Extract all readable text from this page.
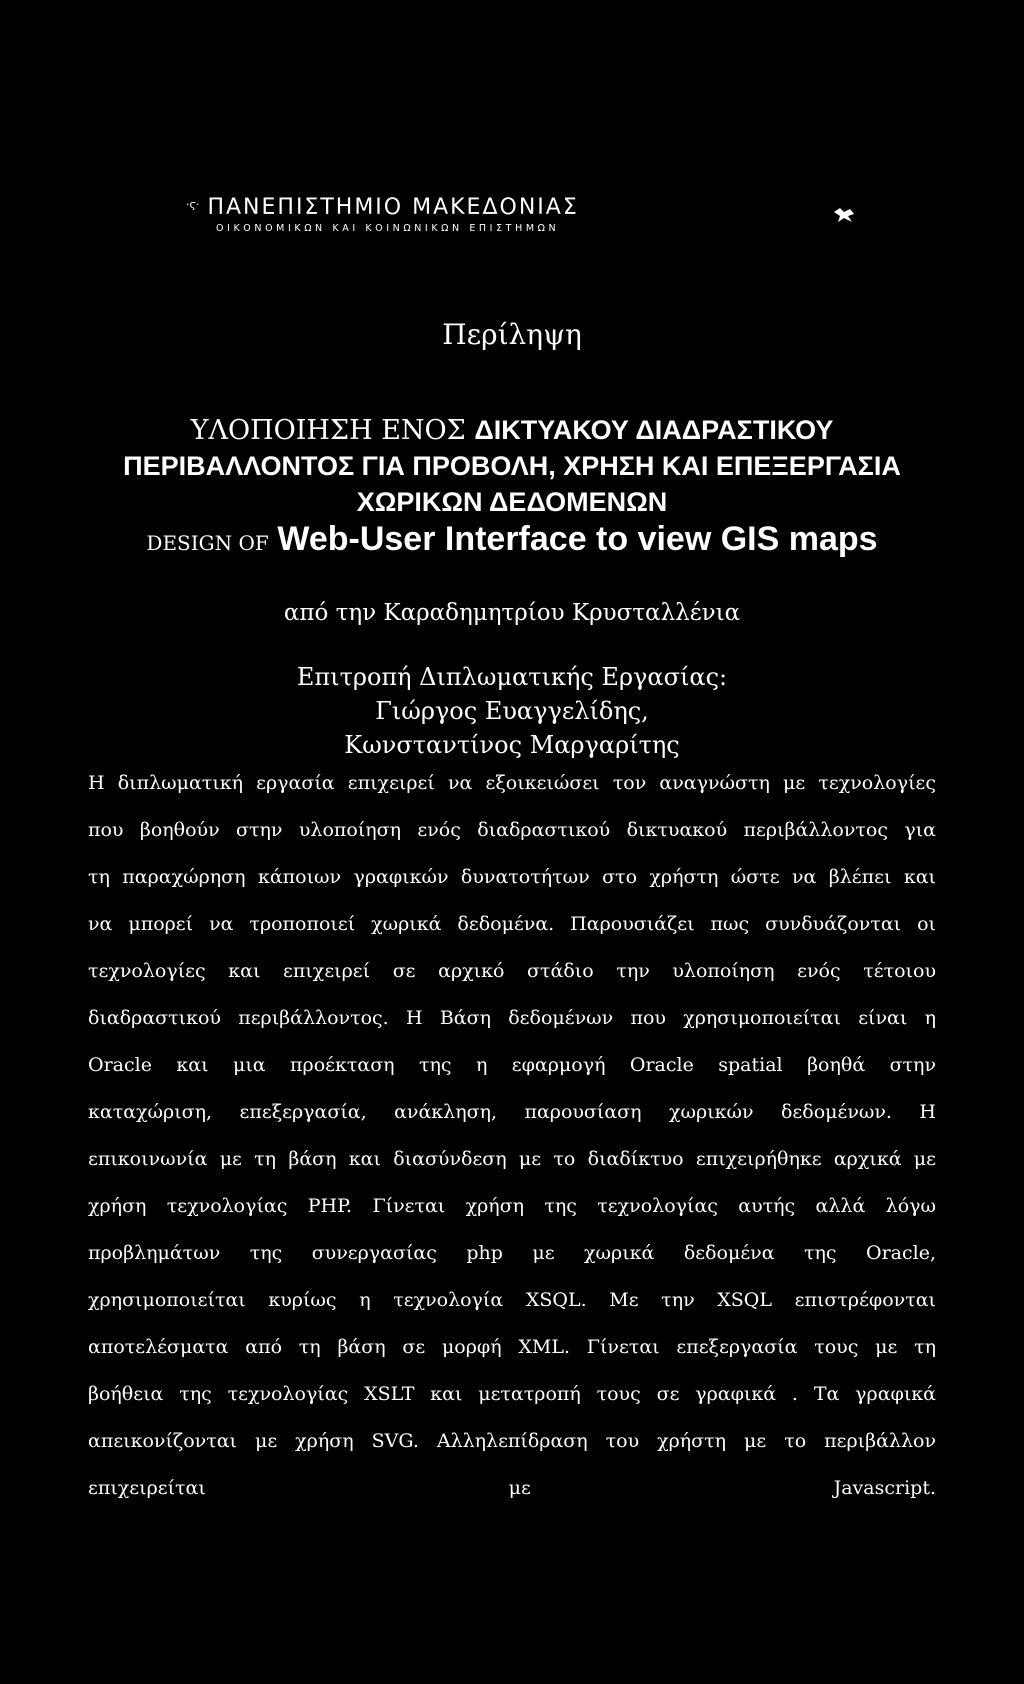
$^{\cdot ϛ\cdot}$ ΠΑΝΕΠΙΣΤΗΜΙΟ ΜΑΚΕΔΟΝΙΑΣ
ΟΙΚΟΝΟΜΙΚΩΝ ΚΑΙ ΚΟΙΝΩΝΙΚΩΝ ΕΠΙΣΤΗΜΩΝ
Περίληψη
ΥΛΟΠΟΙΗΣΗ ΕΝΟΣ ΔΙΚΤΥΑΚΟΥ ΔΙΑΔΡΑΣΤΙΚΟΥ
ΠΕΡΙΒΑΛΛΟΝΤΟΣ ΓΙΑ ΠΡΟΒΟΛΗ, ΧΡΗΣΗ ΚΑΙ ΕΠΕΞΕΡΓΑΣΙΑ
ΧΩΡΙΚΩΝ ΔΕΔΟΜΕΝΩΝ
DESIGN OF Web-User Interface to view GIS maps
από την Καραδημητρίου Κρυσταλλένια
Επιτροπή Διπλωματικής Εργασίας:
Γιώργος Ευαγγελίδης,
Κωνσταντίνος Μαργαρίτης

Η διπλωματική εργασία επιχειρεί να εξοικειώσει τον αναγνώστη με τεχνολογίες

που βοηθούν στην υλοποίηση ενός διαδραστικού δικτυακού περιβάλλοντος για

τη παραχώρηση κάποιων γραφικών δυνατοτήτων στο χρήστη ώστε να βλέπει και

να μπορεί να τροποποιεί χωρικά δεδομένα. Παρουσιάζει πως συνδυάζονται οι

τεχνολογίες και επιχειρεί σε αρχικό στάδιο την υλοποίηση ενός τέτοιου

διαδραστικού περιβάλλοντος. Η Βάση δεδομένων που χρησιμοποιείται είναι η

Oracle και μια προέκταση της η εφαρμογή Oracle spatial βοηθά στην

καταχώριση, επεξεργασία, ανάκληση, παρουσίαση χωρικών δεδομένων. Η

επικοινωνία με τη βάση και διασύνδεση με το διαδίκτυο επιχειρήθηκε αρχικά με

χρήση τεχνολογίας PHP. Γίνεται χρήση της τεχνολογίας αυτής αλλά λόγω

προβλημάτων της συνεργασίας php με χωρικά δεδομένα της Oracle,

χρησιμοποιείται κυρίως η τεχνολογία XSQL. Με την XSQL επιστρέφονται

αποτελέσματα από τη βάση σε μορφή XML. Γίνεται επεξεργασία τους με τη

βοήθεια της τεχνολογίας XSLT και μετατροπή τους σε γραφικά . Τα γραφικά

απεικονίζονται με χρήση SVG. Αλληλεπίδραση του χρήστη με το περιβάλλον

επιχειρείται με Javascript.
